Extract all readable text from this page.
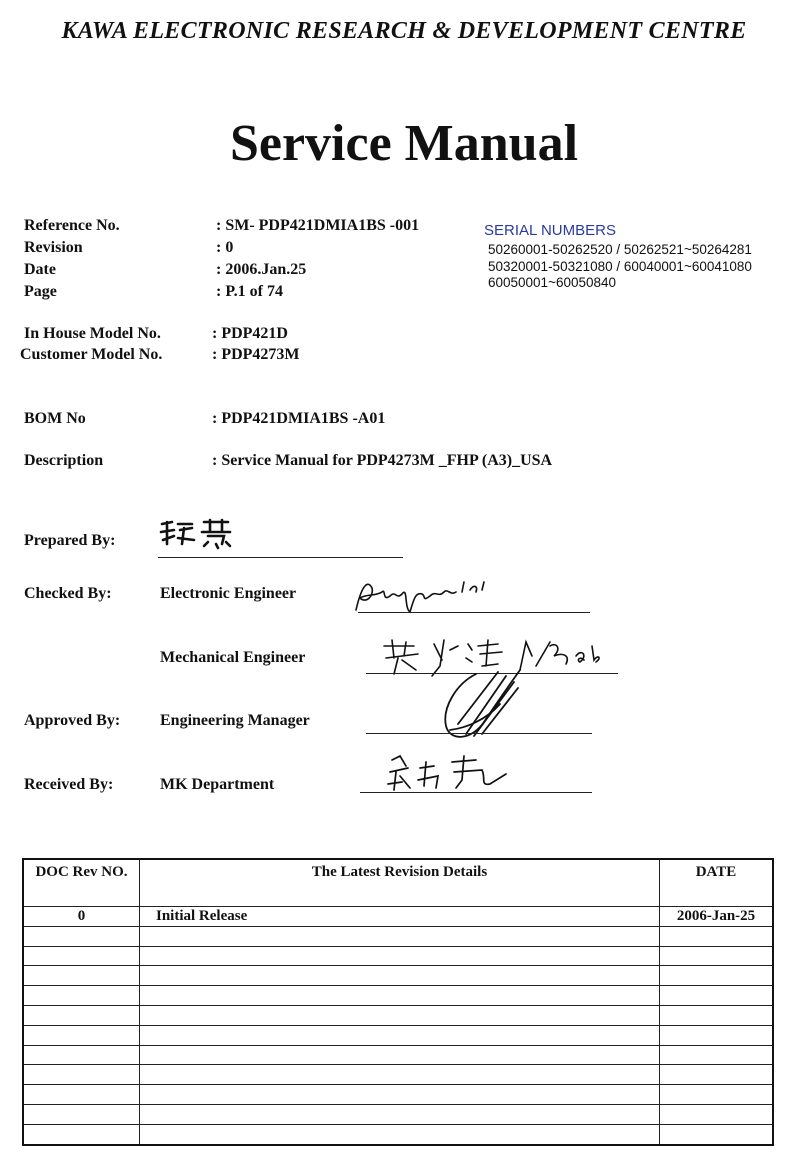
KAWA ELECTRONIC RESEARCH & DEVELOPMENT CENTRE
Service Manual
Reference No.	: SM- PDP421DMIA1BS -001
Revision	: 0
Date	: 2006.Jan.25
Page	: P.1 of 74
SERIAL NUMBERS
50260001-50262520 / 50262521~50264281
50320001-50321080 / 60040001~60041080
60050001~60050840
In House Model No.	: PDP421D
Customer Model No.	: PDP4273M
BOM No	: PDP421DMIA1BS -A01
Description	: Service Manual for PDP4273M _FHP (A3)_USA
Prepared By:
Checked By:	Electronic Engineer
Mechanical Engineer
Approved By: Engineering Manager
Received By:	MK Department
DOC Rev NO.	The Latest Revision Details	DATE
0	Initial Release	2006-Jan-25
